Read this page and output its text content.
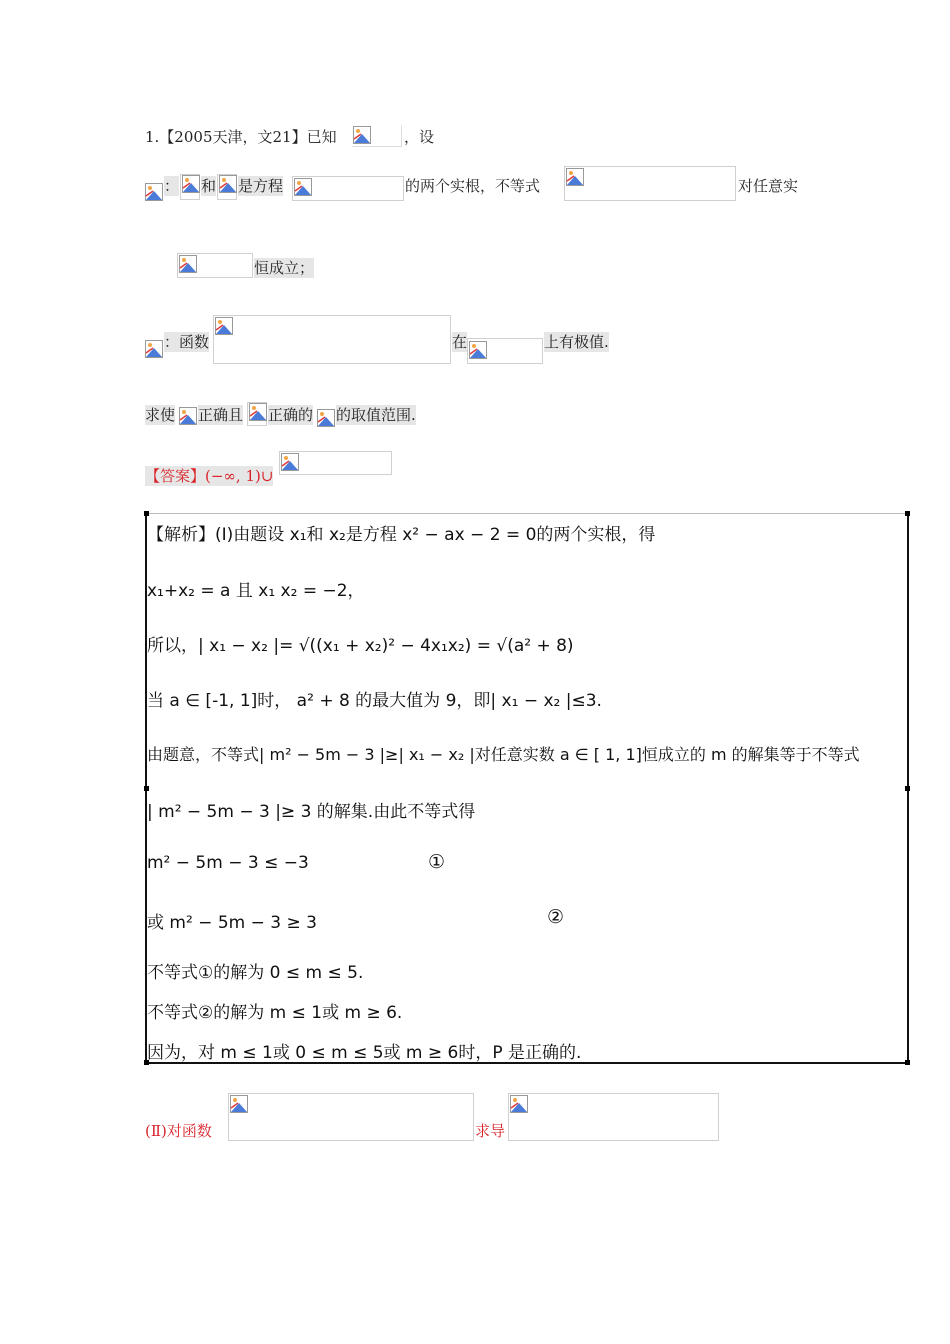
1.【2005天津，文21】已知	，设
： 和 是方程	的两个实根，不等式	对任意实
恒成立；
：函数	在	上有极值.
求使 正确且 正确的 的取值范围.
【答案】 (−∞, 1)∪
【解析】(Ⅰ)由题设 x₁和 x₂是方程 x² − ax − 2 = 0的两个实根，得
x₁+x₂ = a 且 x₁ x₂ = −2，
所以，| x₁ − x₂ |= √((x₁ + x₂)² − 4x₁x₂) = √(a² + 8)
当 a ∈ [-1, 1]时， a² + 8 的最大值为 9，即| x₁ − x₂ |≤3.
由题意，不等式| m² − 5m − 3 |≥| x₁ − x₂ |对任意实数 a ∈ [ 1, 1]恒成立的 m 的解集等于不等式
| m² − 5m − 3 |≥ 3 的解集.由此不等式得
m² − 5m − 3 ≤ −3	①
或 m² − 5m − 3 ≥ 3	②
不等式①的解为 0 ≤ m ≤ 5.
不等式②的解为 m ≤ 1或 m ≥ 6.
因为，对 m ≤ 1或 0 ≤ m ≤ 5或 m ≥ 6时，P 是正确的.
(Ⅱ)对函数	求导
